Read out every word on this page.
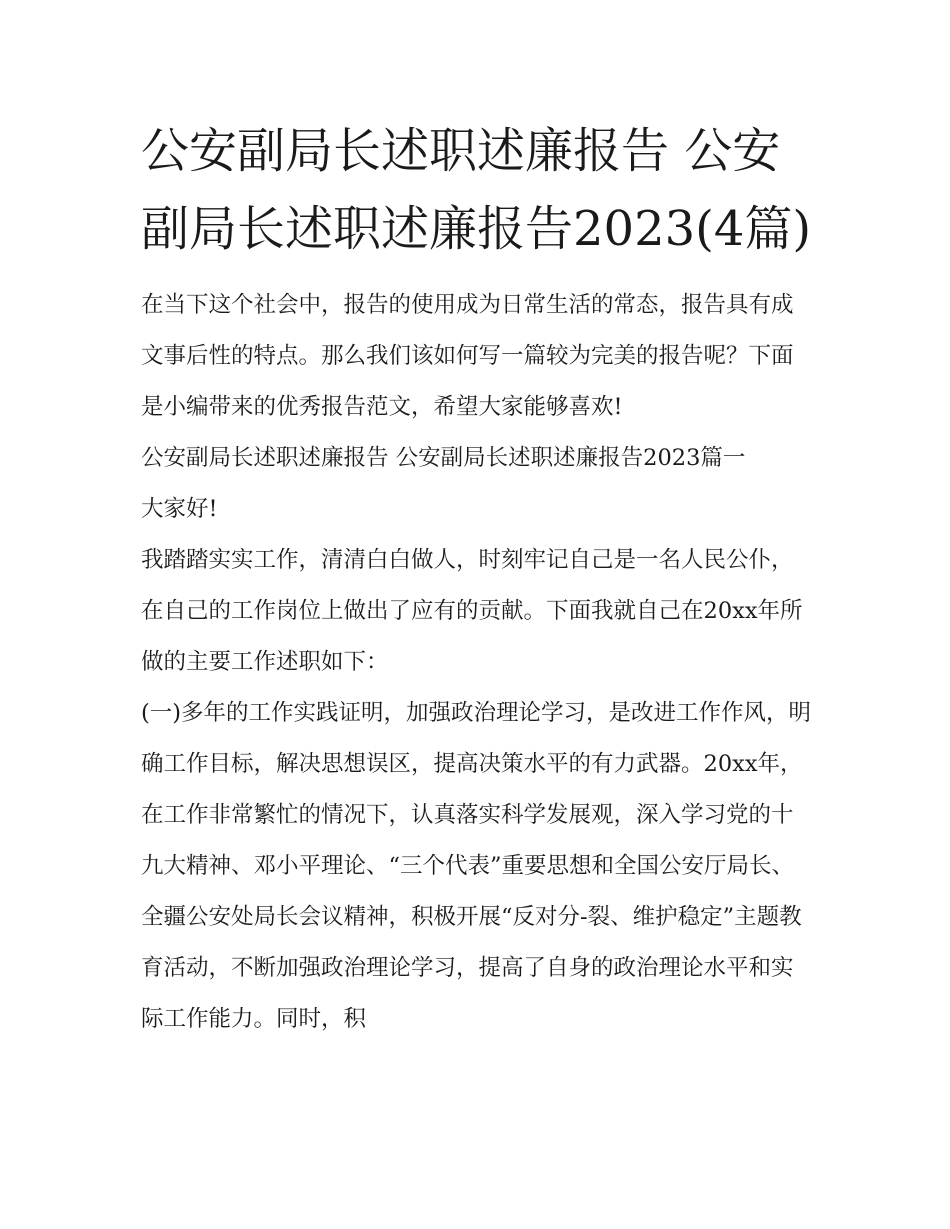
公安副局长述职述廉报告 公安副局长述职述廉报告2023(4篇)

在当下这个社会中，报告的使用成为日常生活的常态，报告具有成文事后性的特点。那么我们该如何写一篇较为完美的报告呢？下面是小编带来的优秀报告范文，希望大家能够喜欢!

公安副局长述职述廉报告 公安副局长述职述廉报告2023篇一

大家好!

我踏踏实实工作，清清白白做人，时刻牢记自己是一名人民公仆，在自己的工作岗位上做出了应有的贡献。下面我就自己在20xx年所做的主要工作述职如下：

(一)多年的工作实践证明，加强政治理论学习，是改进工作作风，明确工作目标，解决思想误区，提高决策水平的有力武器。20xx年，在工作非常繁忙的情况下，认真落实科学发展观，深入学习党的十九大精神、邓小平理论、“三个代表”重要思想和全国公安厅局长、全疆公安处局长会议精神，积极开展“反对分-裂、维护稳定”主题教育活动，不断加强政治理论学习，提高了自身的政治理论水平和实际工作能力。同时，积
